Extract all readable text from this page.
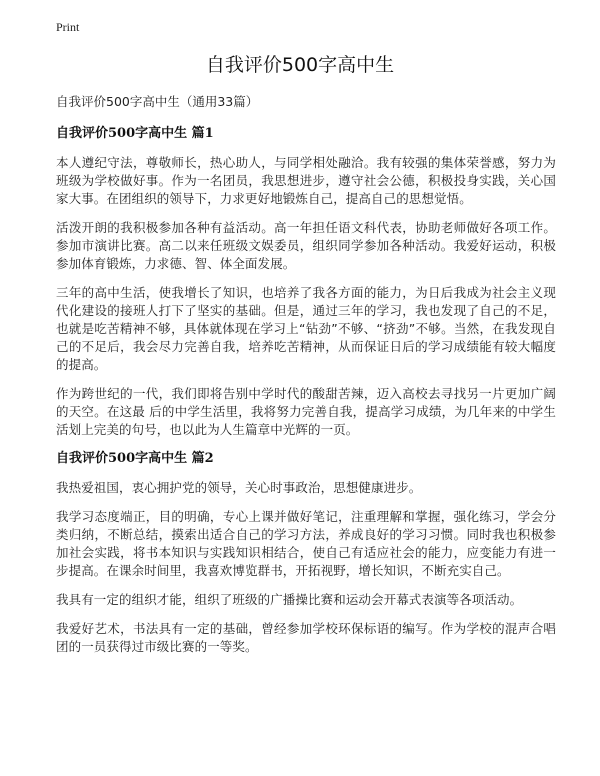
Print
自我评价500字高中生

自我评价500字高中生（通用33篇）

自我评价500字高中生 篇1

本人遵纪守法，尊敬师长，热心助人，与同学相处融洽。我有较强的集体荣誉感，努力为班级为学校做好事。作为一名团员，我思想进步，遵守社会公德，积极投身实践，关心国家大事。在团组织的领导下，力求更好地锻炼自己，提高自己的思想觉悟。

活泼开朗的我积极参加各种有益活动。高一年担任语文科代表，协助老师做好各项工作。参加市演讲比赛。高二以来任班级文娱委员，组织同学参加各种活动。我爱好运动，积极参加体育锻炼，力求德、智、体全面发展。

三年的高中生活，使我增长了知识，也培养了我各方面的能力，为日后我成为社会主义现代化建设的接班人打下了坚实的基础。但是，通过三年的学习，我也发现了自己的不足，也就是吃苦精神不够，具体就体现在学习上“钻劲”不够、“挤劲”不够。当然，在我发现自己的不足后，我会尽力完善自我，培养吃苦精神，从而保证日后的学习成绩能有较大幅度的提高。

作为跨世纪的一代，我们即将告别中学时代的酸甜苦辣，迈入高校去寻找另一片更加广阔的天空。在这最 后的中学生活里，我将努力完善自我，提高学习成绩，为几年来的中学生活划上完美的句号，也以此为人生篇章中光辉的一页。

自我评价500字高中生 篇2

我热爱祖国，衷心拥护党的领导，关心时事政治，思想健康进步。

我学习态度端正，目的明确，专心上课并做好笔记，注重理解和掌握，强化练习，学会分类归纳，不断总结，摸索出适合自己的学习方法，养成良好的学习习惯。同时我也积极参加社会实践，将书本知识与实践知识相结合，使自己有适应社会的能力，应变能力有进一步提高。在课余时间里，我喜欢博览群书，开拓视野，增长知识，不断充实自己。

我具有一定的组织才能，组织了班级的广播操比赛和运动会开幕式表演等各项活动。

我爱好艺术，书法具有一定的基础，曾经参加学校环保标语的编写。作为学校的混声合唱团的一员获得过市级比赛的一等奖。
